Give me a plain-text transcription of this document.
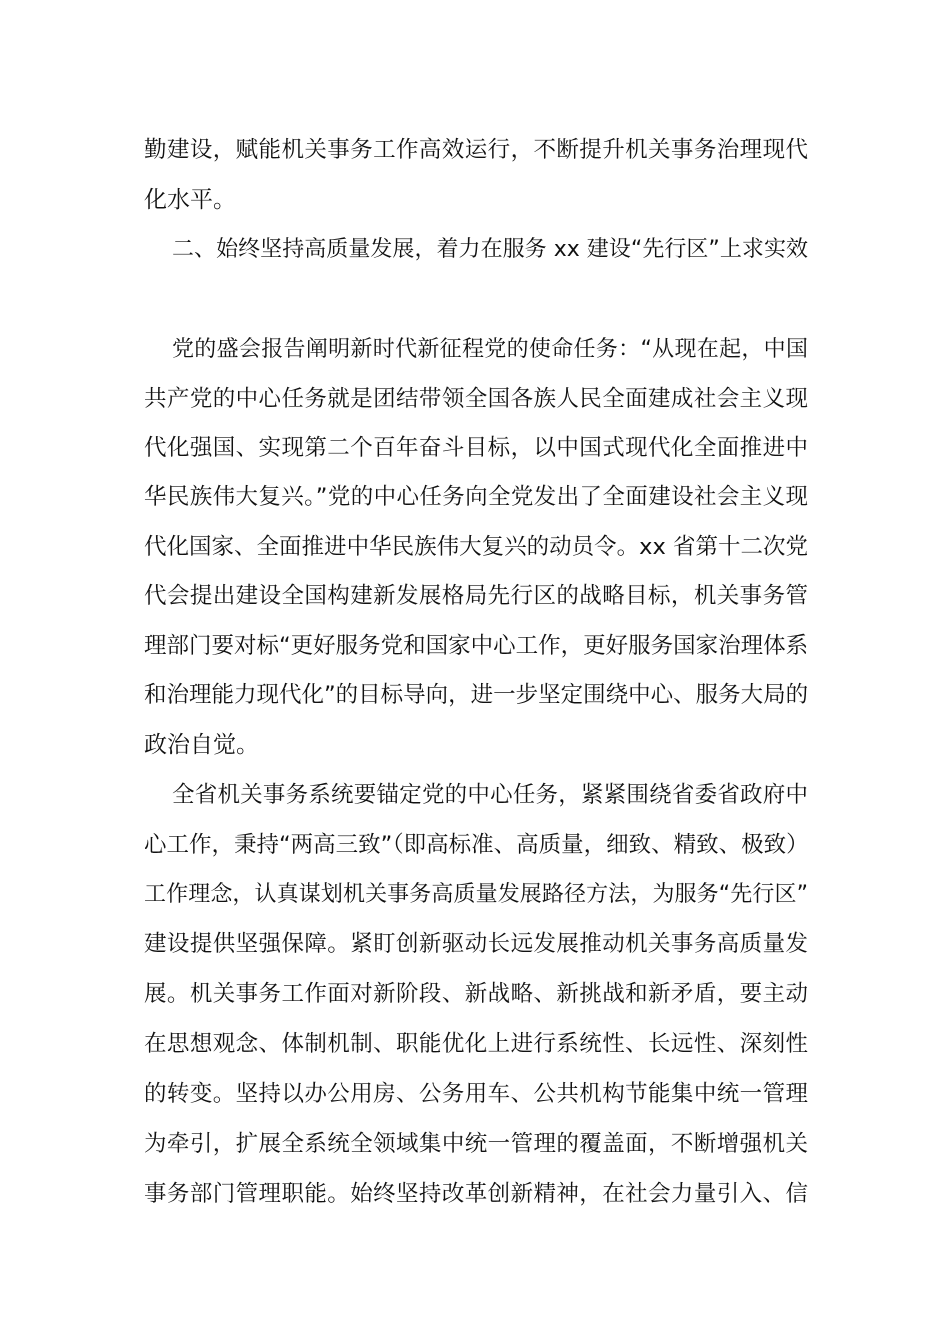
勤建设，赋能机关事务工作高效运行，不断提升机关事务治理现代
化水平。
二、始终坚持高质量发展，着力在服务 xx 建设“先行区”上求实效
党的盛会报告阐明新时代新征程党的使命任务：“从现在起，中国
共产党的中心任务就是团结带领全国各族人民全面建成社会主义现
代化强国、实现第二个百年奋斗目标，以中国式现代化全面推进中
华民族伟大复兴。”党的中心任务向全党发出了全面建设社会主义现
代化国家、全面推进中华民族伟大复兴的动员令。xx 省第十二次党
代会提出建设全国构建新发展格局先行区的战略目标，机关事务管
理部门要对标“更好服务党和国家中心工作，更好服务国家治理体系
和治理能力现代化”的目标导向，进一步坚定围绕中心、服务大局的
政治自觉。
全省机关事务系统要锚定党的中心任务，紧紧围绕省委省政府中
心工作，秉持“两高三致”（即高标准、高质量，细致、精致、极致）
工作理念，认真谋划机关事务高质量发展路径方法，为服务“先行区”
建设提供坚强保障。紧盯创新驱动长远发展推动机关事务高质量发
展。机关事务工作面对新阶段、新战略、新挑战和新矛盾，要主动
在思想观念、体制机制、职能优化上进行系统性、长远性、深刻性
的转变。坚持以办公用房、公务用车、公共机构节能集中统一管理
为牵引，扩展全系统全领域集中统一管理的覆盖面，不断增强机关
事务部门管理职能。始终坚持改革创新精神，在社会力量引入、信
